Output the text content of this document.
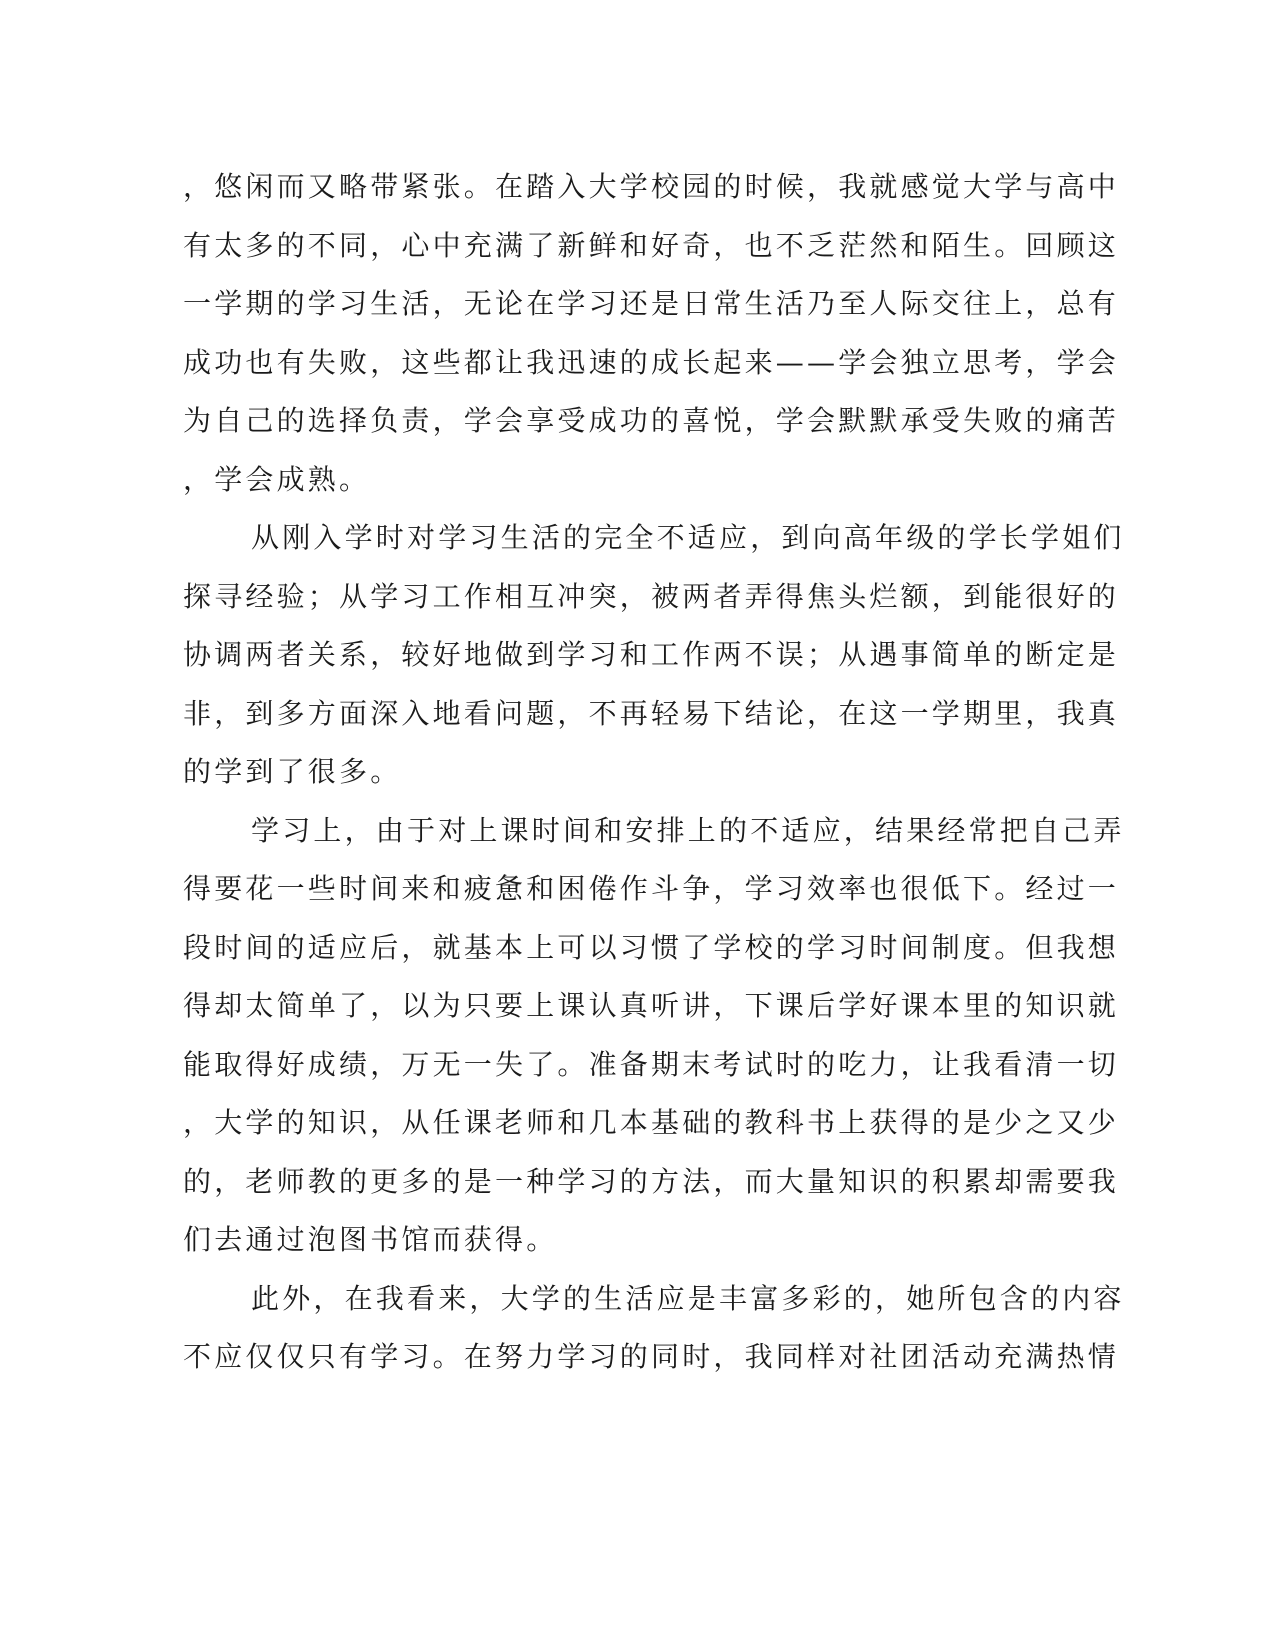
，悠闲而又略带紧张。在踏入大学校园的时候，我就感觉大学与高中
有太多的不同，心中充满了新鲜和好奇，也不乏茫然和陌生。回顾这
一学期的学习生活，无论在学习还是日常生活乃至人际交往上，总有
成功也有失败，这些都让我迅速的成长起来——学会独立思考，学会
为自己的选择负责，学会享受成功的喜悦，学会默默承受失败的痛苦
，学会成熟。
从刚入学时对学习生活的完全不适应，到向高年级的学长学姐们
探寻经验；从学习工作相互冲突，被两者弄得焦头烂额，到能很好的
协调两者关系，较好地做到学习和工作两不误；从遇事简单的断定是
非，到多方面深入地看问题，不再轻易下结论，在这一学期里，我真
的学到了很多。
学习上，由于对上课时间和安排上的不适应，结果经常把自己弄
得要花一些时间来和疲惫和困倦作斗争，学习效率也很低下。经过一
段时间的适应后，就基本上可以习惯了学校的学习时间制度。但我想
得却太简单了，以为只要上课认真听讲，下课后学好课本里的知识就
能取得好成绩，万无一失了。准备期末考试时的吃力，让我看清一切
，大学的知识，从任课老师和几本基础的教科书上获得的是少之又少
的，老师教的更多的是一种学习的方法，而大量知识的积累却需要我
们去通过泡图书馆而获得。
此外，在我看来，大学的生活应是丰富多彩的，她所包含的内容
不应仅仅只有学习。在努力学习的同时，我同样对社团活动充满热情
